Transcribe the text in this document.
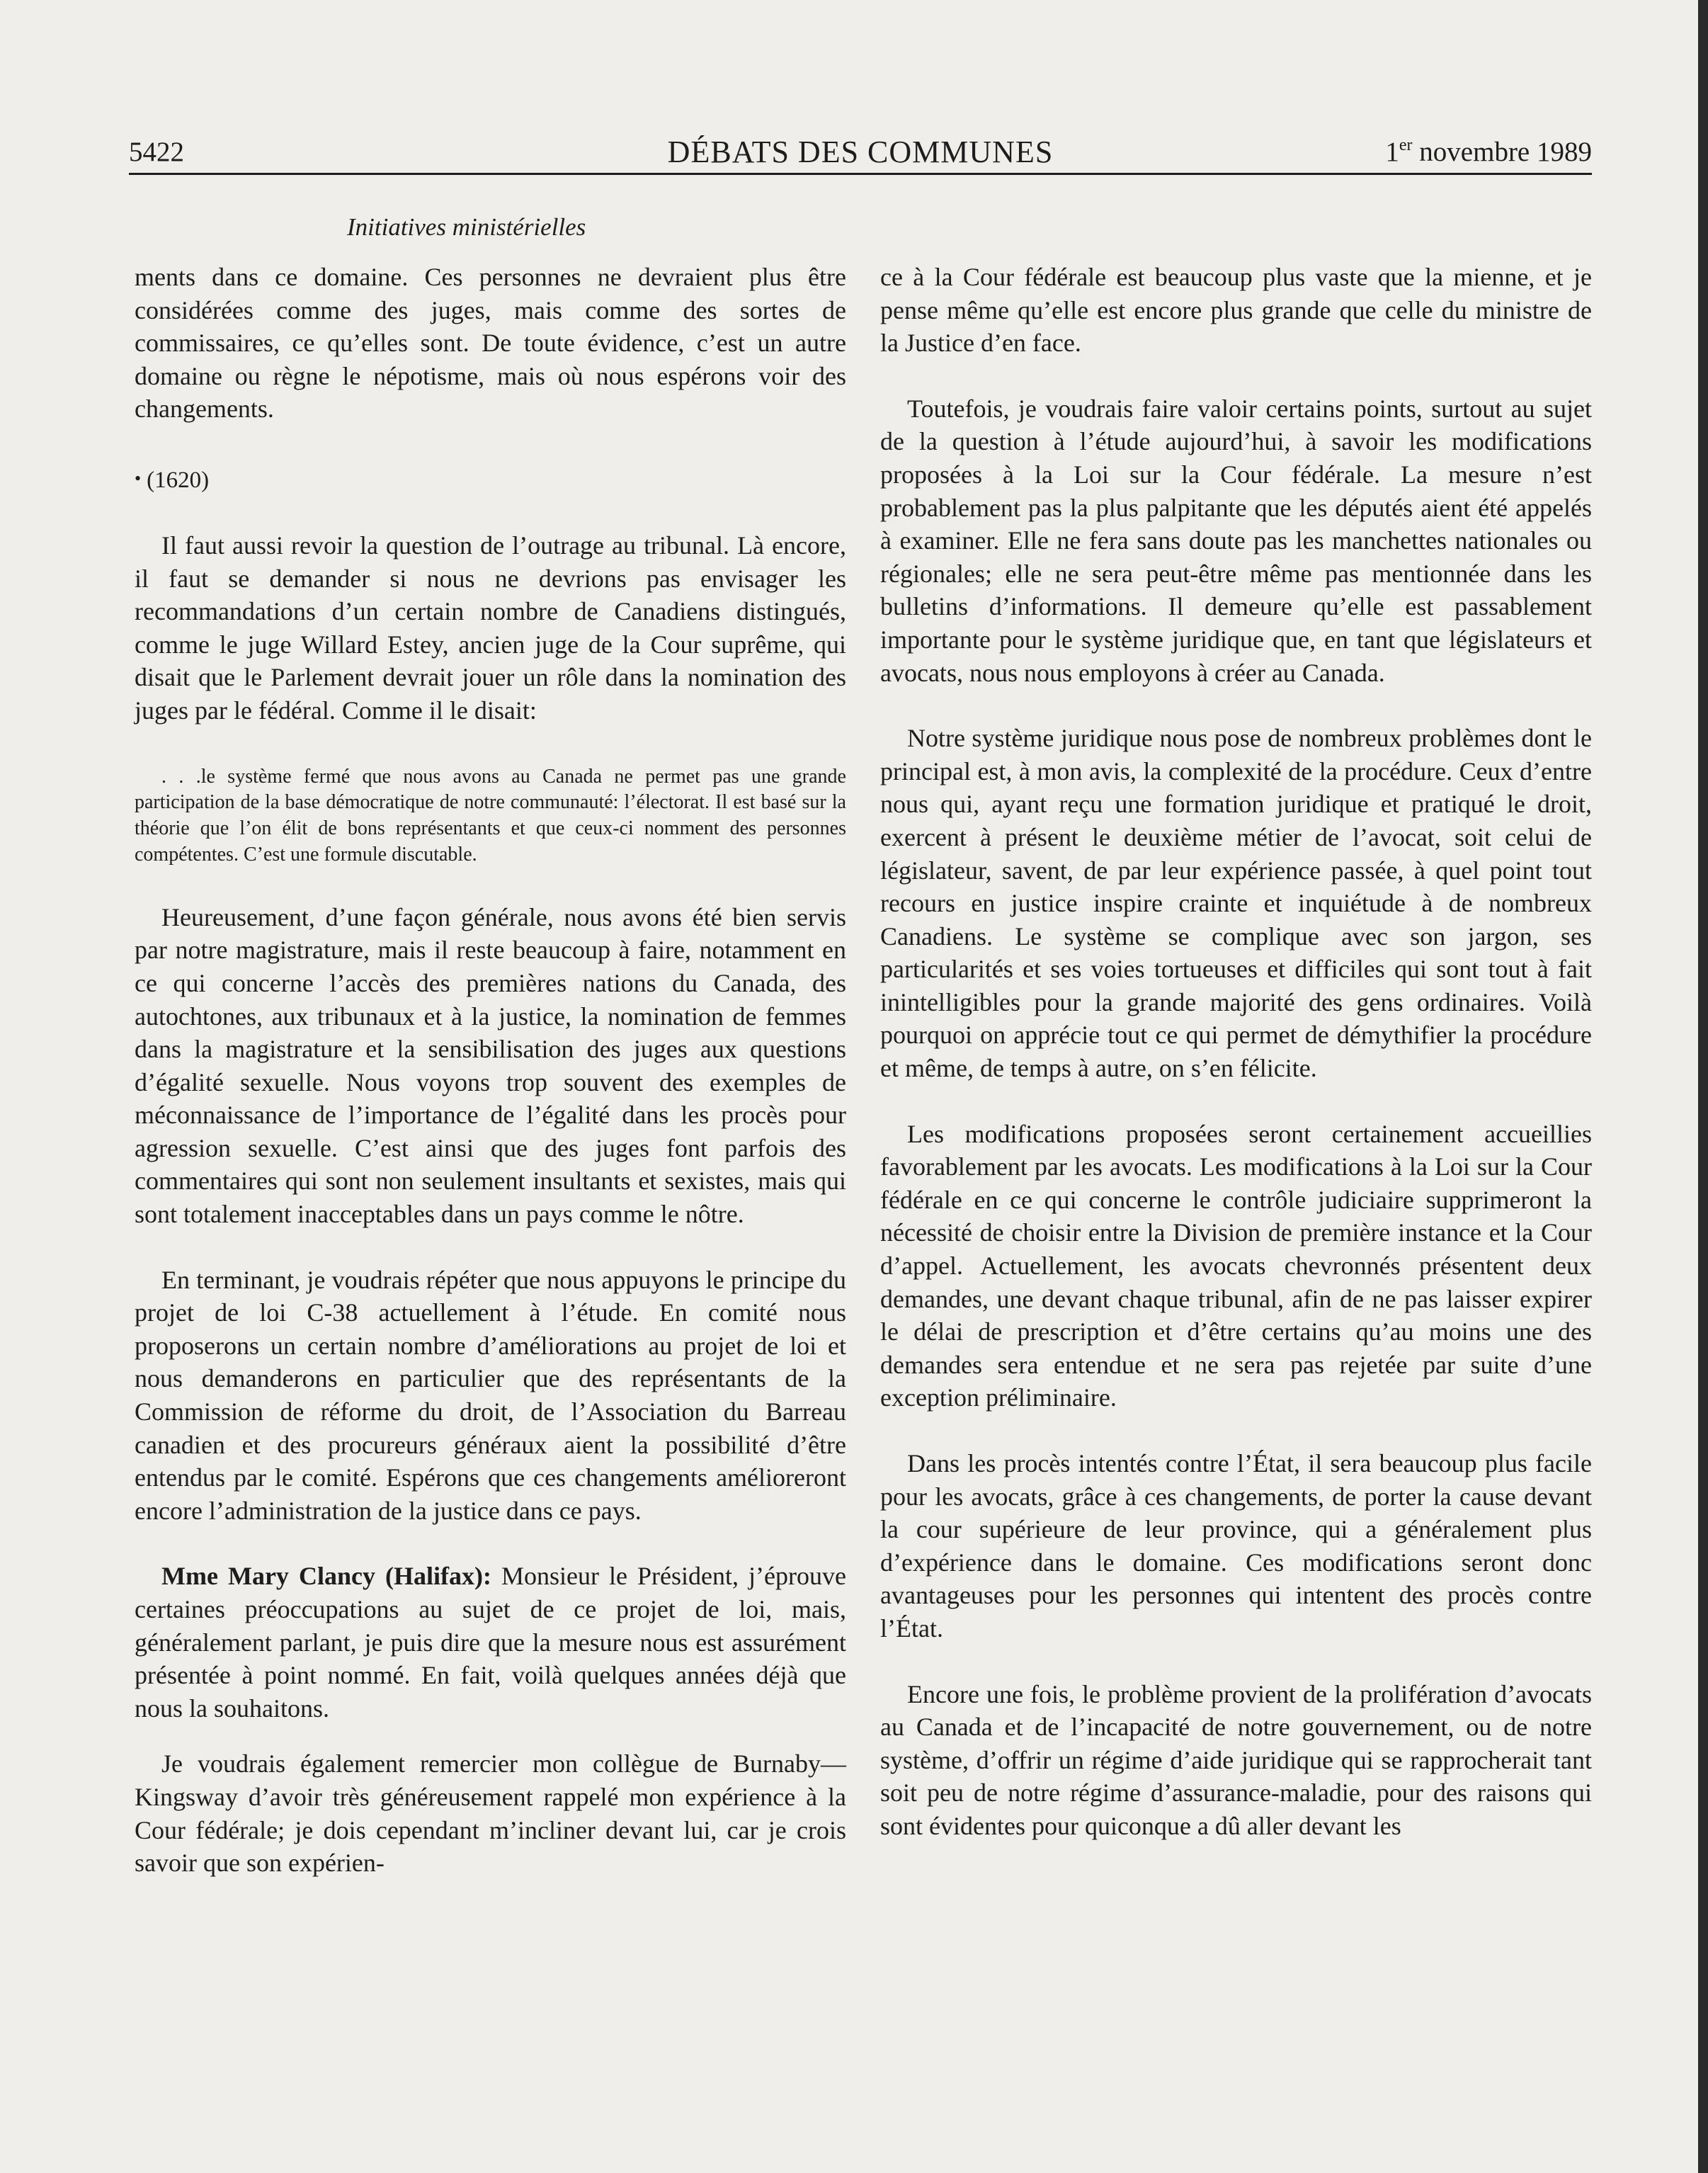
5422	DÉBATS DES COMMUNES	1er novembre 1989
Initiatives ministérielles

ments dans ce domaine. Ces personnes ne devraient plus être considérées comme des juges, mais comme des sortes de commissaires, ce qu’elles sont. De toute évidence, c’est un autre domaine ou règne le népotisme, mais où nous espérons voir des changements.

• (1620)

Il faut aussi revoir la question de l’outrage au tribunal. Là encore, il faut se demander si nous ne devrions pas envisager les recommandations d’un certain nombre de Canadiens distingués, comme le juge Willard Estey, ancien juge de la Cour suprême, qui disait que le Parlement devrait jouer un rôle dans la nomination des juges par le fédéral. Comme il le disait:

. . .le système fermé que nous avons au Canada ne permet pas une grande participation de la base démocratique de notre communauté: l’électorat. Il est basé sur la théorie que l’on élit de bons représentants et que ceux-ci nomment des personnes compétentes. C’est une formule discutable.

Heureusement, d’une façon générale, nous avons été bien servis par notre magistrature, mais il reste beaucoup à faire, notamment en ce qui concerne l’accès des premières nations du Canada, des autochtones, aux tribunaux et à la justice, la nomination de femmes dans la magistrature et la sensibilisation des juges aux questions d’égalité sexuelle. Nous voyons trop souvent des exemples de méconnaissance de l’importance de l’égalité dans les procès pour agression sexuelle. C’est ainsi que des juges font parfois des commentaires qui sont non seulement insultants et sexistes, mais qui sont totalement inacceptables dans un pays comme le nôtre.

En terminant, je voudrais répéter que nous appuyons le principe du projet de loi C-38 actuellement à l’étude. En comité nous proposerons un certain nombre d’améliorations au projet de loi et nous demanderons en particulier que des représentants de la Commission de réforme du droit, de l’Association du Barreau canadien et des procureurs généraux aient la possibilité d’être entendus par le comité. Espérons que ces changements amélioreront encore l’administration de la justice dans ce pays.

Mme Mary Clancy (Halifax): Monsieur le Président, j’éprouve certaines préoccupations au sujet de ce projet de loi, mais, généralement parlant, je puis dire que la mesure nous est assurément présentée à point nommé. En fait, voilà quelques années déjà que nous la souhaitons.

Je voudrais également remercier mon collègue de Burnaby—Kingsway d’avoir très généreusement rappelé mon expérience à la Cour fédérale; je dois cependant m’incliner devant lui, car je crois savoir que son expérien-

ce à la Cour fédérale est beaucoup plus vaste que la mienne, et je pense même qu’elle est encore plus grande que celle du ministre de la Justice d’en face.

Toutefois, je voudrais faire valoir certains points, surtout au sujet de la question à l’étude aujourd’hui, à savoir les modifications proposées à la Loi sur la Cour fédérale. La mesure n’est probablement pas la plus palpitante que les députés aient été appelés à examiner. Elle ne fera sans doute pas les manchettes nationales ou régionales; elle ne sera peut-être même pas mentionnée dans les bulletins d’informations. Il demeure qu’elle est passablement importante pour le système juridique que, en tant que législateurs et avocats, nous nous employons à créer au Canada.

Notre système juridique nous pose de nombreux problèmes dont le principal est, à mon avis, la complexité de la procédure. Ceux d’entre nous qui, ayant reçu une formation juridique et pratiqué le droit, exercent à présent le deuxième métier de l’avocat, soit celui de législateur, savent, de par leur expérience passée, à quel point tout recours en justice inspire crainte et inquiétude à de nombreux Canadiens. Le système se complique avec son jargon, ses particularités et ses voies tortueuses et difficiles qui sont tout à fait inintelligibles pour la grande majorité des gens ordinaires. Voilà pourquoi on apprécie tout ce qui permet de démythifier la procédure et même, de temps à autre, on s’en félicite.

Les modifications proposées seront certainement accueillies favorablement par les avocats. Les modifications à la Loi sur la Cour fédérale en ce qui concerne le contrôle judiciaire supprimeront la nécessité de choisir entre la Division de première instance et la Cour d’appel. Actuellement, les avocats chevronnés présentent deux demandes, une devant chaque tribunal, afin de ne pas laisser expirer le délai de prescription et d’être certains qu’au moins une des demandes sera entendue et ne sera pas rejetée par suite d’une exception préliminaire.

Dans les procès intentés contre l’État, il sera beaucoup plus facile pour les avocats, grâce à ces changements, de porter la cause devant la cour supérieure de leur province, qui a généralement plus d’expérience dans le domaine. Ces modifications seront donc avantageuses pour les personnes qui intentent des procès contre l’État.

Encore une fois, le problème provient de la prolifération d’avocats au Canada et de l’incapacité de notre gouvernement, ou de notre système, d’offrir un régime d’aide juridique qui se rapprocherait tant soit peu de notre régime d’assurance-maladie, pour des raisons qui sont évidentes pour quiconque a dû aller devant les
